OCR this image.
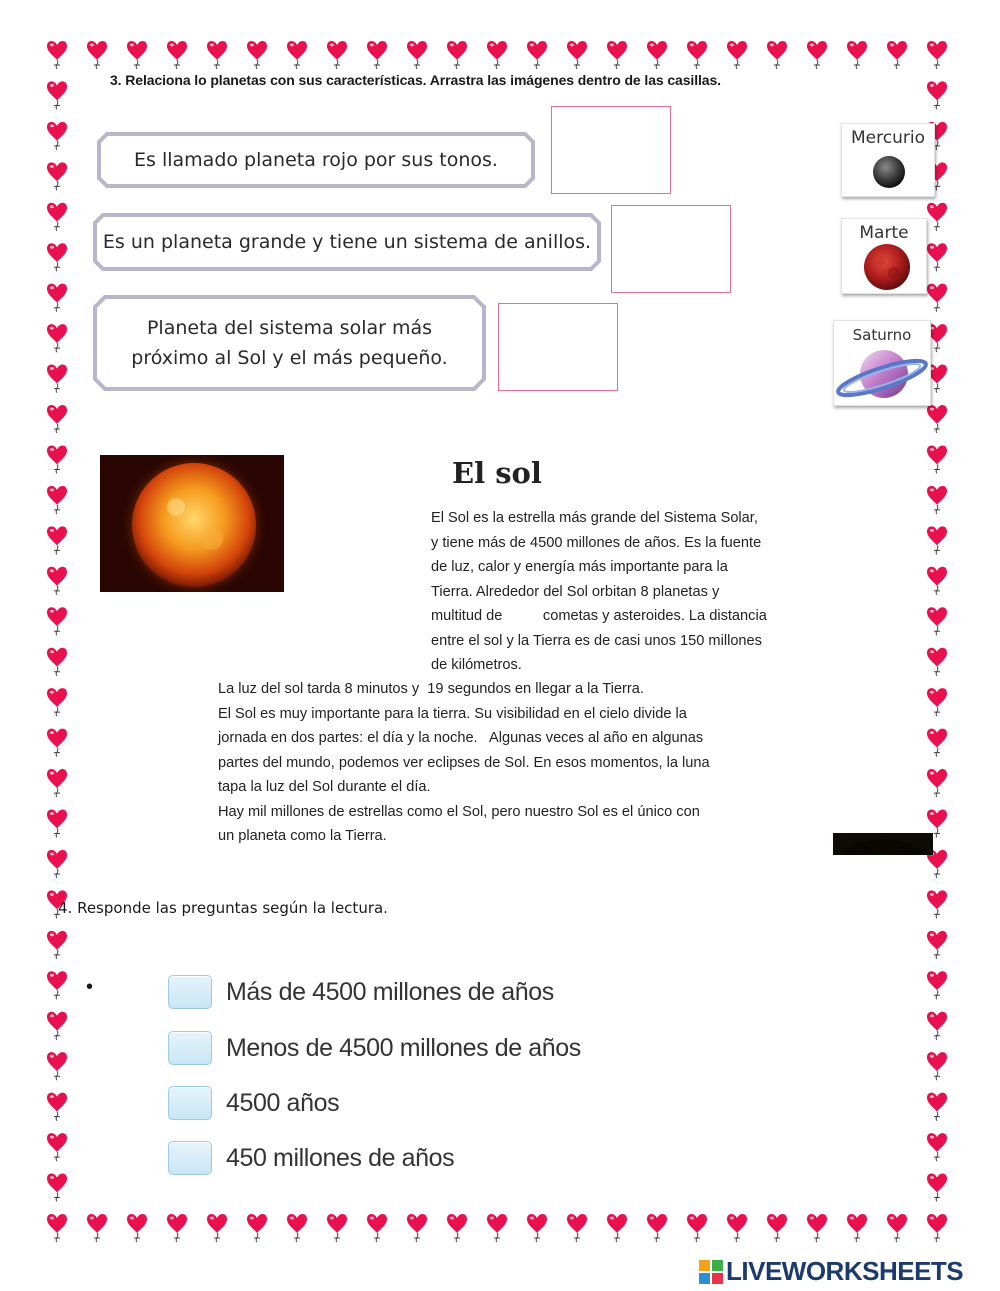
3. Relaciona lo planetas con sus características. Arrastra las imágenes dentro de las casillas.
Es llamado planeta rojo por sus tonos.
Es un planeta grande y tiene un sistema de anillos.
Planeta del sistema solar más
próximo al Sol y el más pequeño.
Mercurio
Marte
Saturno
El sol
El Sol es la estrella más grande del Sistema Solar,
y tiene más de 4500 millones de años. Es la fuente
de luz, calor y energía más importante para la
Tierra. Alrededor del Sol orbitan 8 planetas y
multitud de          cometas y asteroides. La distancia
entre el sol y la Tierra es de casi unos 150 millones
de kilómetros.
La luz del sol tarda 8 minutos y  19 segundos en llegar a la Tierra.
El Sol es muy importante para la tierra. Su visibilidad en el cielo divide la
jornada en dos partes: el día y la noche.   Algunas veces al año en algunas
partes del mundo, podemos ver eclipses de Sol. En esos momentos, la luna
tapa la luz del Sol durante el día.
Hay mil millones de estrellas como el Sol, pero nuestro Sol es el único con
un planeta como la Tierra.
4. Responde las preguntas según la lectura.
•	Más de 4500 millones de años
Menos de 4500 millones de años
4500 años
450 millones de años
LIVEWORKSHEETS
